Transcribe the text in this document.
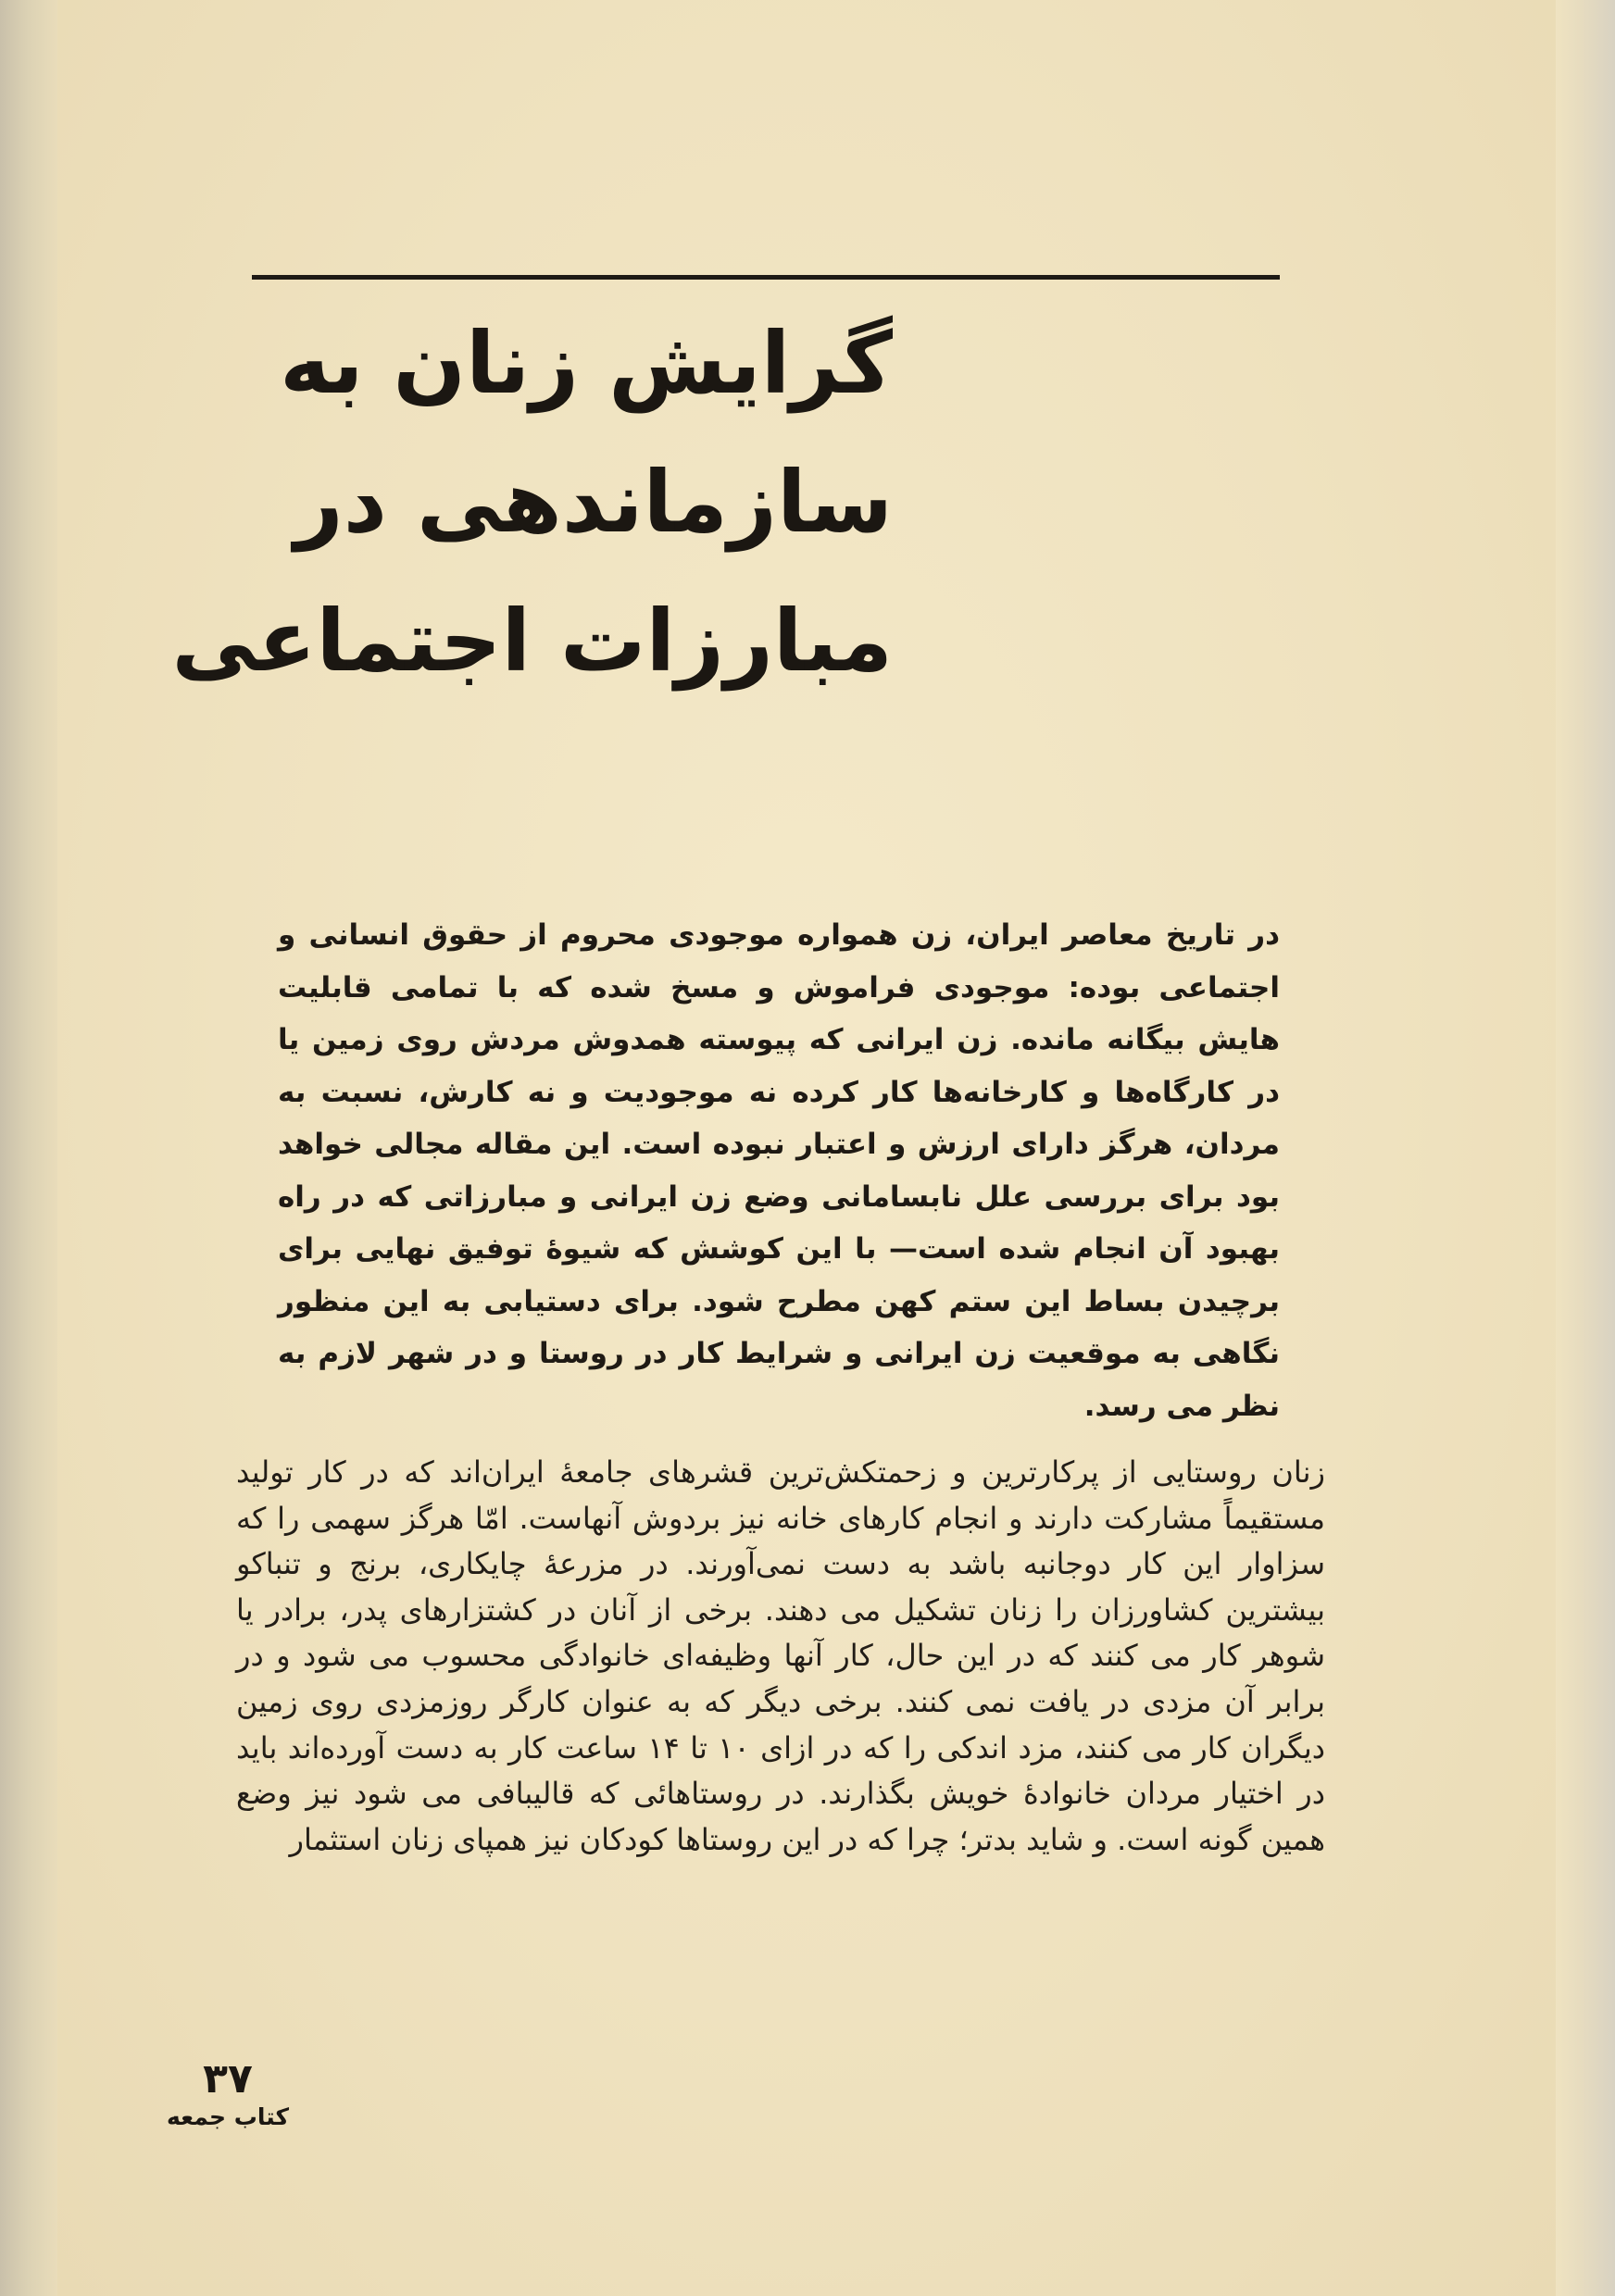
گرایش زنان به
سازماندهی در
مبارزات اجتماعی

در تاریخ معاصر ایران، زن همواره موجودی محروم از حقوق انسانی و اجتماعی بوده: موجودی فراموش و مسخ شده که با تمامی قابلیت هایش بیگانه مانده. زن ایرانی که پیوسته همدوش مردش روی زمین یا در کارگاه‌ها و کارخانه‌ها کار کرده نه موجودیت و نه کارش، نسبت به مردان، هرگز دارای ارزش و اعتبار نبوده است. این مقاله مجالی خواهد بود برای بررسی علل نابسامانی وضع زن ایرانی و مبارزاتی که در راه بهبود آن انجام شده است— با این کوشش که شیوهٔ توفیق نهایی برای برچیدن بساط این ستم کهن مطرح شود. برای دستیابی به این منظور نگاهی به موقعیت زن ایرانی و شرایط کار در روستا و در شهر لازم به نظر می رسد.

زنان روستایی از پرکارترین و زحمتکش‌ترین قشرهای جامعهٔ ایران‌اند که در کار تولید مستقیماً مشارکت دارند و انجام کارهای خانه نیز بردوش آنهاست. امّا هرگز سهمی را که سزاوار این کار دوجانبه باشد به دست نمی‌آورند. در مزرعهٔ چایکاری، برنج و تنباکو بیشترین کشاورزان را زنان تشکیل می دهند. برخی از آنان در کشتزارهای پدر، برادر یا شوهر کار می کنند که در این حال، کار آنها وظیفه‌ای خانوادگی محسوب می شود و در برابر آن مزدی در یافت نمی کنند. برخی دیگر که به عنوان کارگر روزمزدی روی زمین دیگران کار می کنند، مزد اندکی را که در ازای ۱۰ تا ۱۴ ساعت کار به دست آورده‌اند باید در اختیار مردان خانوادهٔ خویش بگذارند. در روستاهائی که قالیبافی می شود نیز وضع همین گونه است. و شاید بدتر؛ چرا که در این روستاها کودکان نیز همپای زنان استثمار

۳۷
کتاب جمعه
